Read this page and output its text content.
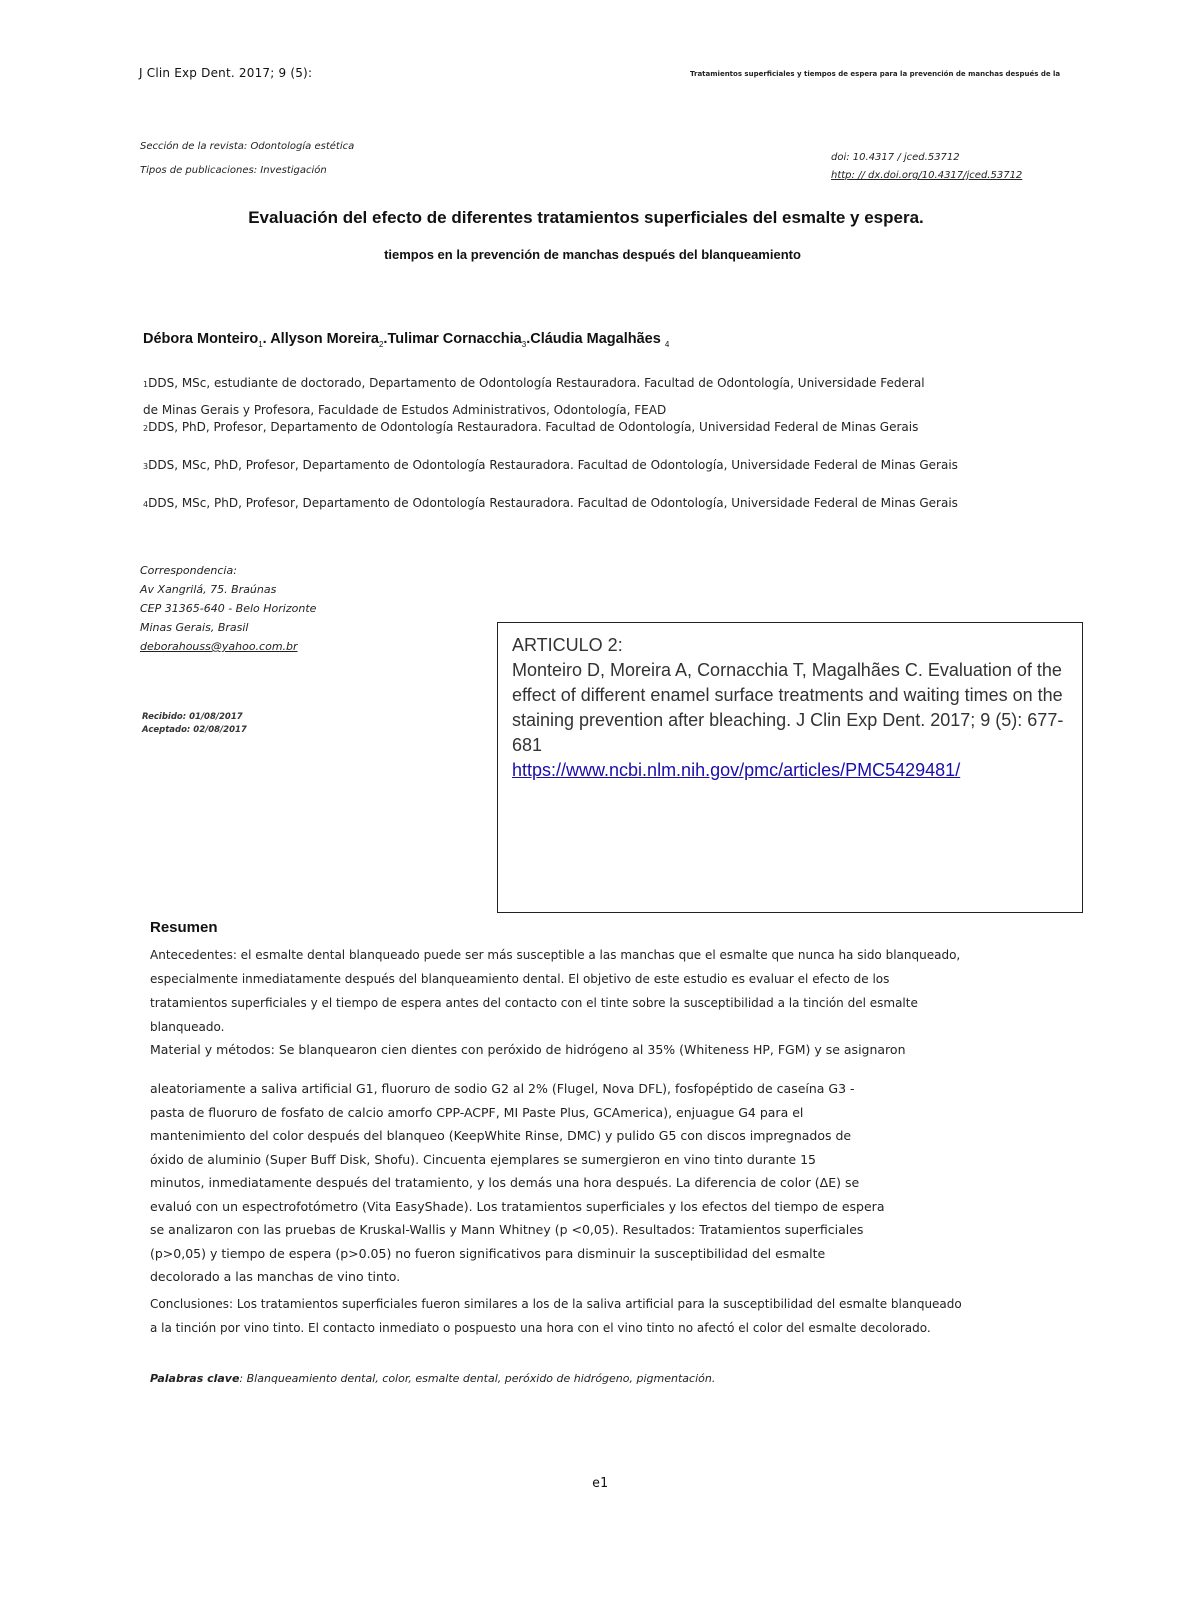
J Clin Exp Dent. 2017; 9 (5):	Tratamientos superficiales y tiempos de espera para la prevención de manchas después de la
Sección de la revista: Odontología estética
Tipos de publicaciones: Investigación
doi: 10.4317 / jced.53712
http: // dx.doi.org/10.4317/jced.53712
Evaluación del efecto de diferentes tratamientos superficiales del esmalte y espera.
tiempos en la prevención de manchas después del blanqueamiento
Débora Monteiro$_1$. Allyson Moreira$_2$.Tulimar Cornacchia$_3$.Cláudia Magalhães $_4$
1DDS, MSc, estudiante de doctorado, Departamento de Odontología Restauradora. Facultad de Odontología, Universidade Federal
de Minas Gerais y Profesora, Faculdade de Estudos Administrativos, Odontología, FEAD
2DDS, PhD, Profesor, Departamento de Odontología Restauradora. Facultad de Odontología, Universidad Federal de Minas Gerais
3DDS, MSc, PhD, Profesor, Departamento de Odontología Restauradora. Facultad de Odontología, Universidade Federal de Minas Gerais
4DDS, MSc, PhD, Profesor, Departamento de Odontología Restauradora. Facultad de Odontología, Universidade Federal de Minas Gerais
Correspondencia:
Av Xangrilá, 75. Braúnas
CEP 31365-640 - Belo Horizonte
Minas Gerais, Brasil
deborahouss@yahoo.com.br
Recibido: 01/08/2017
Aceptado: 02/08/2017
ARTICULO 2:
Monteiro D, Moreira A, Cornacchia T, Magalhães C. Evaluation of the effect of different enamel surface treatments and waiting times on the staining prevention after bleaching. J Clin Exp Dent. 2017; 9 (5): 677-681
https://www.ncbi.nlm.nih.gov/pmc/articles/PMC5429481/
Resumen

Antecedentes: el esmalte dental blanqueado puede ser más susceptible a las manchas que el esmalte que nunca ha sido blanqueado,

especialmente inmediatamente después del blanqueamiento dental. El objetivo de este estudio es evaluar el efecto de los

tratamientos superficiales y el tiempo de espera antes del contacto con el tinte sobre la susceptibilidad a la tinción del esmalte

blanqueado.

Material y métodos: Se blanquearon cien dientes con peróxido de hidrógeno al 35% (Whiteness HP, FGM) y se asignaron

aleatoriamente a saliva artificial G1, fluoruro de sodio G2 al 2% (Flugel, Nova DFL), fosfopéptido de caseína G3 -

pasta de fluoruro de fosfato de calcio amorfo CPP-ACPF, MI Paste Plus, GCAmerica), enjuague G4 para el

mantenimiento del color después del blanqueo (KeepWhite Rinse, DMC) y pulido G5 con discos impregnados de

óxido de aluminio (Super Buff Disk, Shofu). Cincuenta ejemplares se sumergieron en vino tinto durante 15

minutos, inmediatamente después del tratamiento, y los demás una hora después. La diferencia de color (ΔE) se

evaluó con un espectrofotómetro (Vita EasyShade). Los tratamientos superficiales y los efectos del tiempo de espera

se analizaron con las pruebas de Kruskal-Wallis y Mann Whitney (p <0,05). Resultados: Tratamientos superficiales

(p>0,05) y tiempo de espera (p>0.05) no fueron significativos para disminuir la susceptibilidad del esmalte

decolorado a las manchas de vino tinto.

Conclusiones: Los tratamientos superficiales fueron similares a los de la saliva artificial para la susceptibilidad del esmalte blanqueado

a la tinción por vino tinto. El contacto inmediato o pospuesto una hora con el vino tinto no afectó el color del esmalte decolorado.

Palabras clave: Blanqueamiento dental, color, esmalte dental, peróxido de hidrógeno, pigmentación.
e1
